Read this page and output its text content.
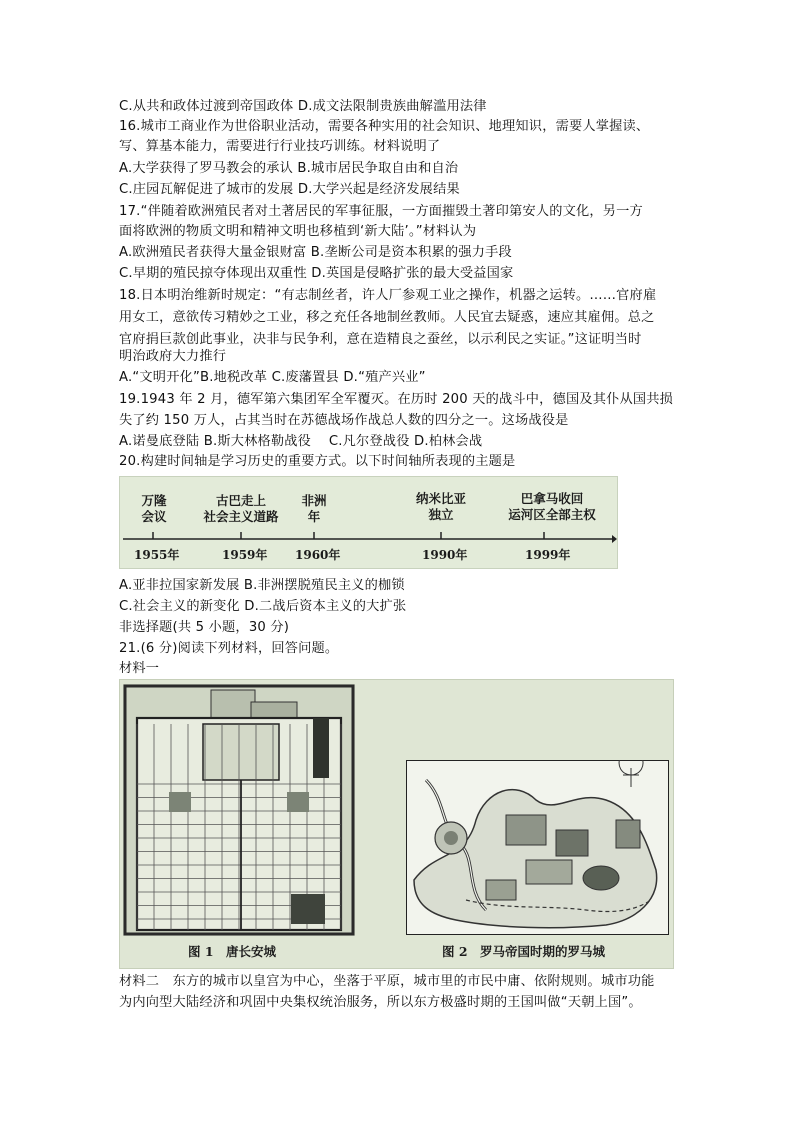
C.从共和政体过渡到帝国政体 D.成文法限制贵族曲解滥用法律
16.城市工商业作为世俗职业活动，需要各种实用的社会知识、地理知识，需要人掌握读、
写、算基本能力，需要进行行业技巧训练。材料说明了
A.大学获得了罗马教会的承认 B.城市居民争取自由和自治
C.庄园瓦解促进了城市的发展 D.大学兴起是经济发展结果
17.“伴随着欧洲殖民者对土著居民的军事征服，一方面摧毁土著印第安人的文化，另一方
面将欧洲的物质文明和精神文明也移植到‘新大陆’。”材料认为
A.欧洲殖民者获得大量金银财富 B.垄断公司是资本积累的强力手段
C.早期的殖民掠夺体现出双重性 D.英国是侵略扩张的最大受益国家
18.日本明治维新时规定：“有志制丝者，许人厂参观工业之操作，机器之运转。……官府雇
用女工，意欲传习精妙之工业，移之充任各地制丝教师。人民宜去疑惑，速应其雇佣。总之
官府捐巨款创此事业，决非与民争利，意在造精良之蚕丝，以示利民之实证。”这证明当时
明治政府大力推行
A.“文明开化”B.地税改革 C.废藩置县 D.“殖产兴业”
19.1943 年 2 月，德军第六集团军全军覆灭。在历时 200 天的战斗中，德国及其仆从国共损
失了约 150 万人，占其当时在苏德战场作战总人数的四分之一。这场战役是
A.诺曼底登陆 B.斯大林格勒战役　 C.凡尔登战役 D.柏林会战
20.构建时间轴是学习历史的重要方式。以下时间轴所表现的主题是
万隆
会议
古巴走上
社会主义道路
非洲
年
纳米比亚
独立
巴拿马收回
运河区全部主权
1955年	1959年 1960年	1990年	1999年
A.亚非拉国家新发展 B.非洲摆脱殖民主义的枷锁
C.社会主义的新变化 D.二战后资本主义的大扩张
非选择题(共 5 小题，30 分)
21.(6 分)阅读下列材料，回答问题。
材料一
图 1　唐长安城	图 2　罗马帝国时期的罗马城
材料二　东方的城市以皇宫为中心，坐落于平原，城市里的市民中庸、依附规则。城市功能
为内向型大陆经济和巩固中央集权统治服务，所以东方极盛时期的王国叫做“天朝上国”。
